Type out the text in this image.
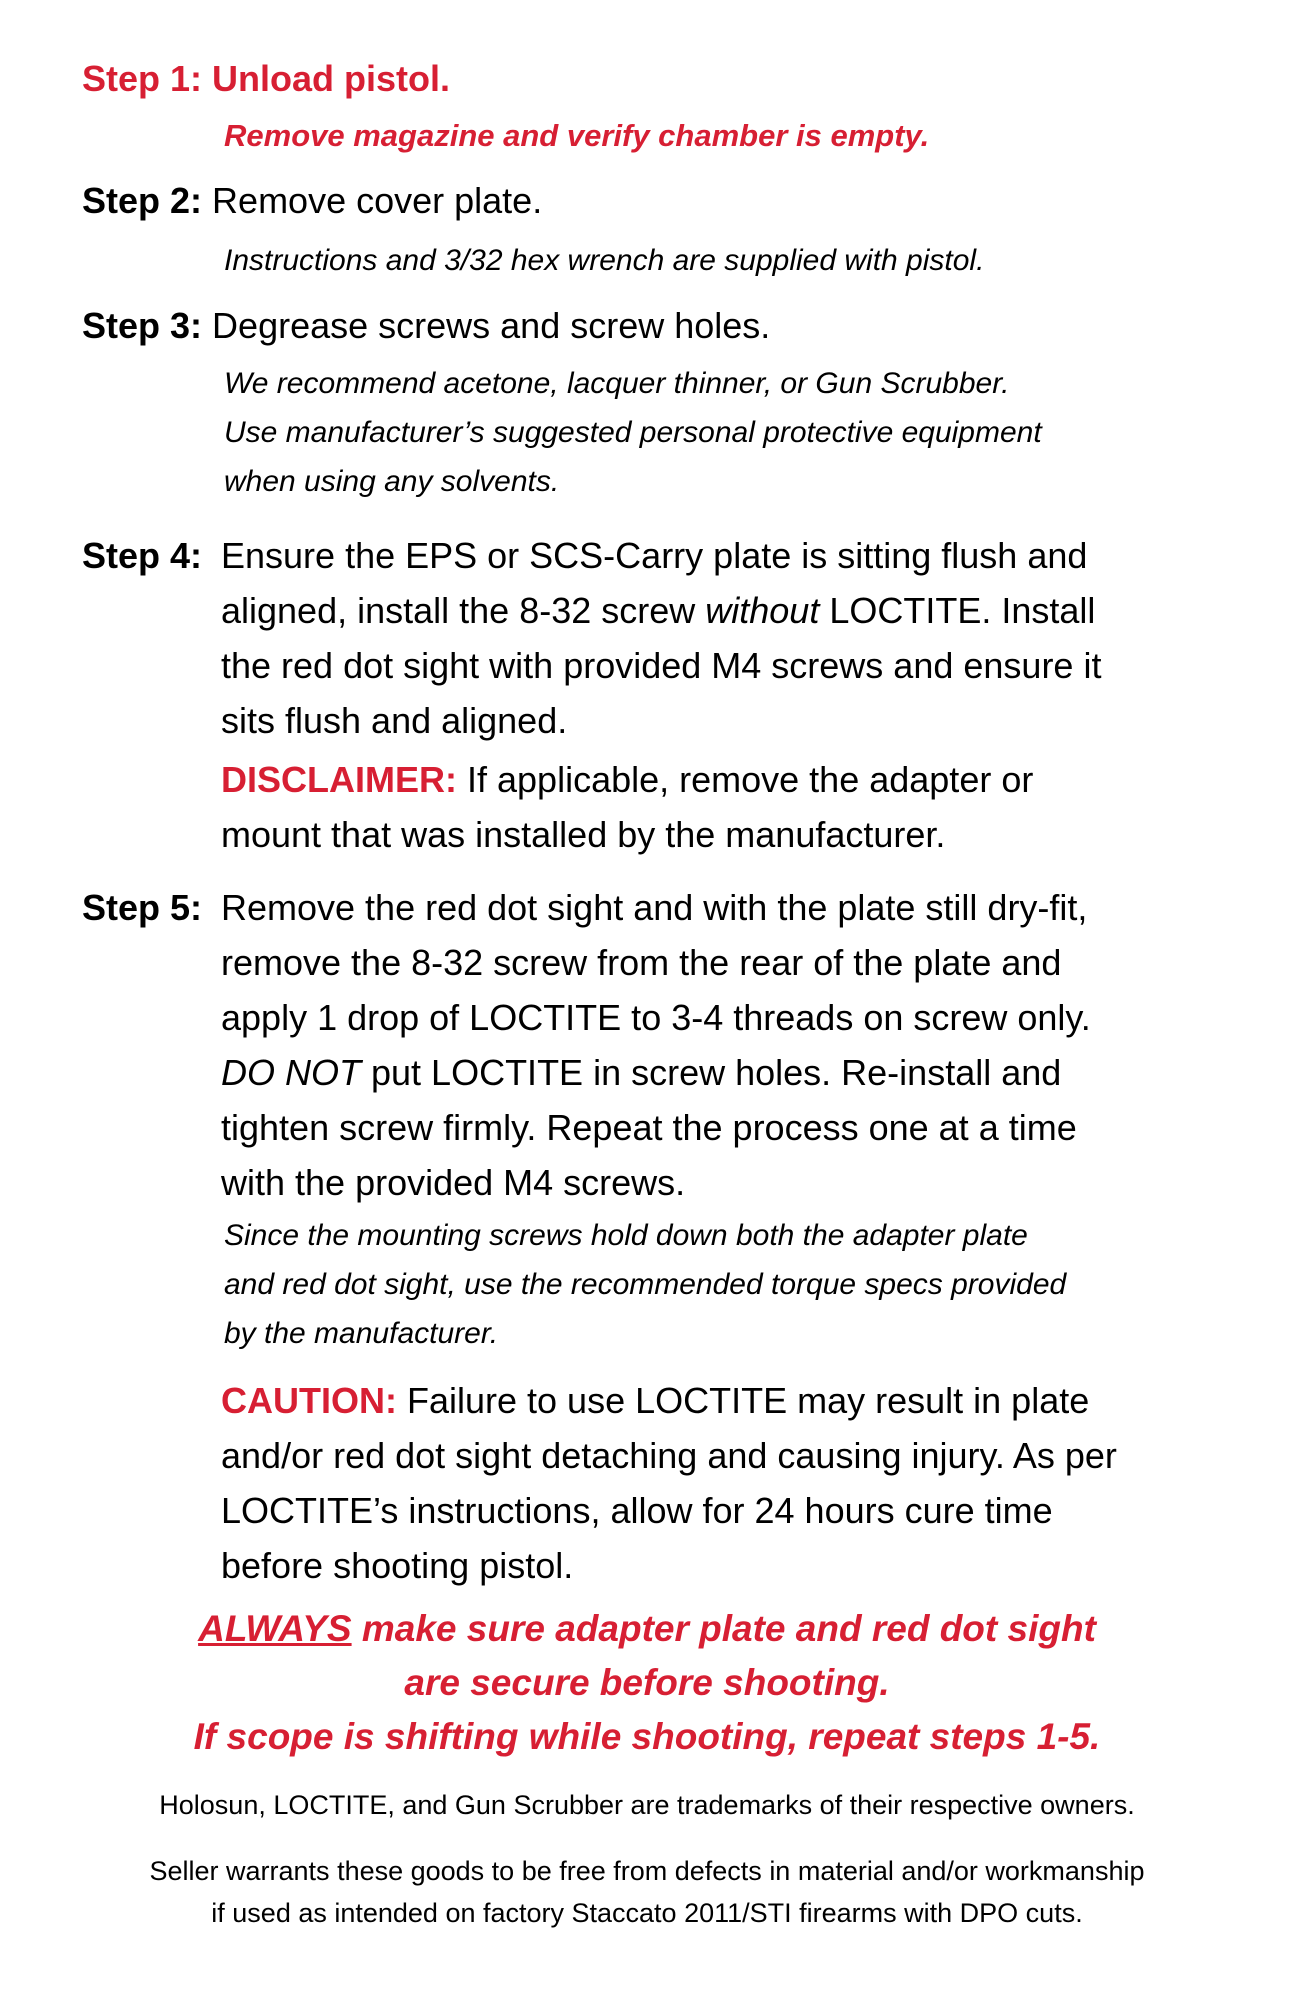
Step 1: Unload pistol.
Remove magazine and verify chamber is empty.
Step 2: Remove cover plate.
Instructions and 3/32 hex wrench are supplied with pistol.
Step 3: Degrease screws and screw holes.
We recommend acetone, lacquer thinner, or Gun Scrubber.
Use manufacturer’s suggested personal protective equipment
when using any solvents.
Step 4: Ensure the EPS or SCS-Carry plate is sitting flush and
aligned, install the 8-32 screw without LOCTITE. Install
the red dot sight with provided M4 screws and ensure it
sits flush and aligned.
DISCLAIMER: If applicable, remove the adapter or
mount that was installed by the manufacturer.
Step 5: Remove the red dot sight and with the plate still dry-fit,
remove the 8-32 screw from the rear of the plate and
apply 1 drop of LOCTITE to 3-4 threads on screw only.
DO NOT put LOCTITE in screw holes. Re-install and
tighten screw firmly. Repeat the process one at a time
with the provided M4 screws.
Since the mounting screws hold down both the adapter plate
and red dot sight, use the recommended torque specs provided
by the manufacturer.
CAUTION: Failure to use LOCTITE may result in plate
and/or red dot sight detaching and causing injury. As per
LOCTITE’s instructions, allow for 24 hours cure time
before shooting pistol.
ALWAYS make sure adapter plate and red dot sight
are secure before shooting.
If scope is shifting while shooting, repeat steps 1-5.
Holosun, LOCTITE, and Gun Scrubber are trademarks of their respective owners.
Seller warrants these goods to be free from defects in material and/or workmanship
if used as intended on factory Staccato 2011/STI firearms with DPO cuts.
